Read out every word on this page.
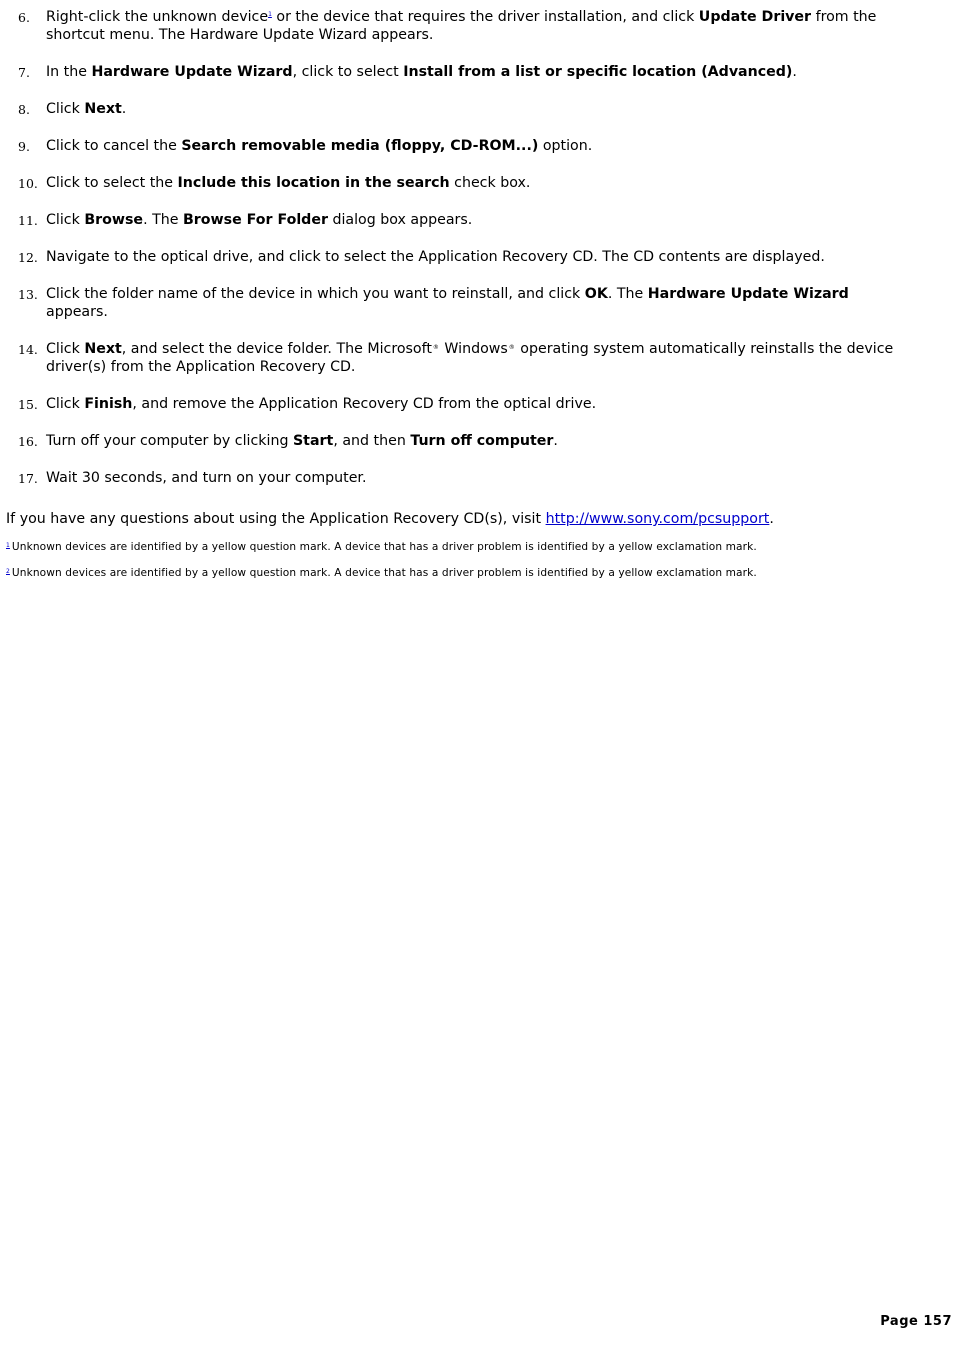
6. Right-click the unknown device$^1$ or the device that requires the driver installation, and click Update Driver from the shortcut menu. The Hardware Update Wizard appears.
7. In the Hardware Update Wizard, click to select Install from a list or specific location (Advanced).
8. Click Next.
9. Click to cancel the Search removable media (floppy, CD-ROM...) option.
10. Click to select the Include this location in the search check box.
11. Click Browse. The Browse For Folder dialog box appears.
12. Navigate to the optical drive, and click to select the Application Recovery CD. The CD contents are displayed.
13. Click the folder name of the device in which you want to reinstall, and click OK. The Hardware Update Wizard appears.
14. Click Next, and select the device folder. The Microsoft® Windows® operating system automatically reinstalls the device driver(s) from the Application Recovery CD.
15. Click Finish, and remove the Application Recovery CD from the optical drive.
16. Turn off your computer by clicking Start, and then Turn off computer.
17. Wait 30 seconds, and turn on your computer.

If you have any questions about using the Application Recovery CD(s), visit http://www.sony.com/pcsupport.

$^1$ Unknown devices are identified by a yellow question mark. A device that has a driver problem is identified by a yellow exclamation mark.

$^2$ Unknown devices are identified by a yellow question mark. A device that has a driver problem is identified by a yellow exclamation mark.

Page 157
